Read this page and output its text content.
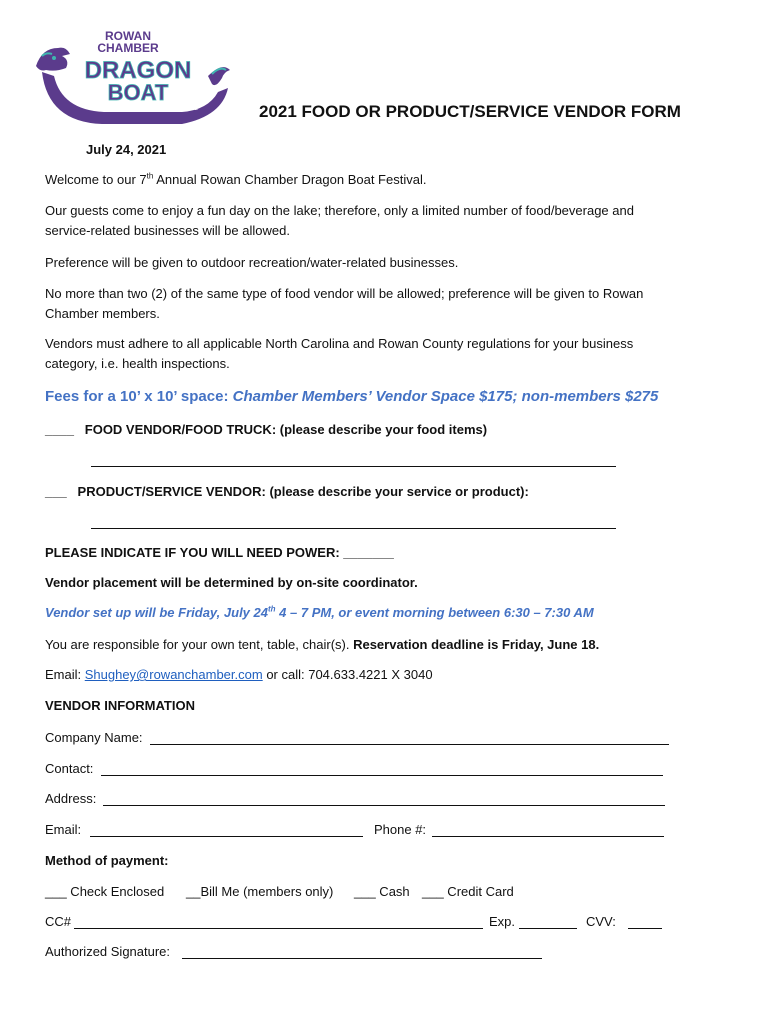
ROWAN
CHAMBER
DRAGON
BOAT
FESTIVAL	2021 FOOD OR PRODUCT/SERVICE VENDOR FORM
July 24, 2021
Welcome to our 7th Annual Rowan Chamber Dragon Boat Festival.
Our guests come to enjoy a fun day on the lake; therefore, only a limited number of food/beverage and
service-related businesses will be allowed.
Preference will be given to outdoor recreation/water-related businesses.
No more than two (2) of the same type of food vendor will be allowed; preference will be given to Rowan
Chamber members.
Vendors must adhere to all applicable North Carolina and Rowan County regulations for your business
category, i.e. health inspections.
Fees for a 10’ x 10’ space: Chamber Members’ Vendor Space $175; non-members $275
____ FOOD VENDOR/FOOD TRUCK: (please describe your food items)
___ PRODUCT/SERVICE VENDOR: (please describe your service or product):
PLEASE INDICATE IF YOU WILL NEED POWER: _______
Vendor placement will be determined by on-site coordinator.
Vendor set up will be Friday, July 24th 4 – 7 PM, or event morning between 6:30 – 7:30 AM
You are responsible for your own tent, table, chair(s). Reservation deadline is Friday, June 18.
Email: Shughey@rowanchamber.com or call: 704.633.4221 X 3040
VENDOR INFORMATION
Company Name:
Contact:
Address:
Email:	Phone #:
Method of payment:
___ Check Enclosed __Bill Me (members only) ___ Cash ___ Credit Card
CC#	Exp.	CVV:
Authorized Signature:
